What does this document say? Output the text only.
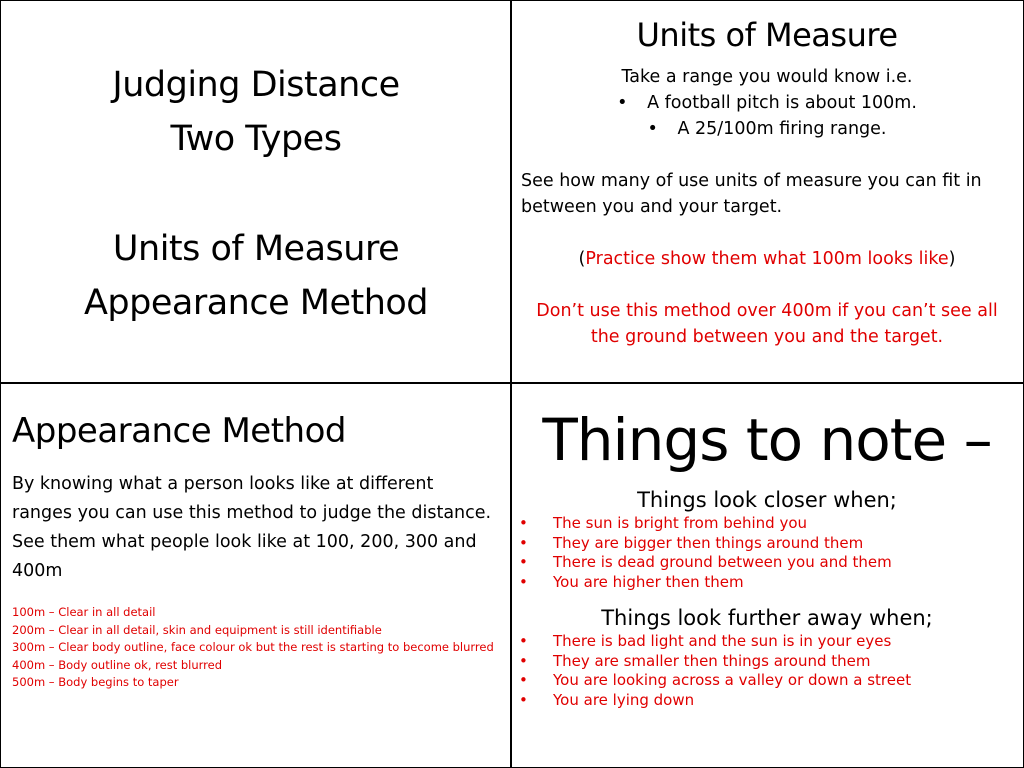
Judging Distance
Two Types
Units of Measure
Appearance Method
Units of Measure
Take a range you would know i.e.
• A football pitch is about 100m.
• A 25/100m firing range.
See how many of use units of measure you can fit in between you and your target.
(Practice show them what 100m looks like)
Don’t use this method over 400m if you can’t see all the ground between you and the target.
Appearance Method
By knowing what a person looks like at different ranges you can use this method to judge the distance.
See them what people look like at 100, 200, 300 and 400m
100m – Clear in all detail
200m – Clear in all detail, skin and equipment is still identifiable
300m – Clear body outline, face colour ok but the rest is starting to become blurred
400m – Body outline ok, rest blurred
500m – Body begins to taper
Things to note –
Things look closer when;
• The sun is bright from behind you
• They are bigger then things around them
• There is dead ground between you and them
• You are higher then them
Things look further away when;
• There is bad light and the sun is in your eyes
• They are smaller then things around them
• You are looking across a valley or down a street
• You are lying down
